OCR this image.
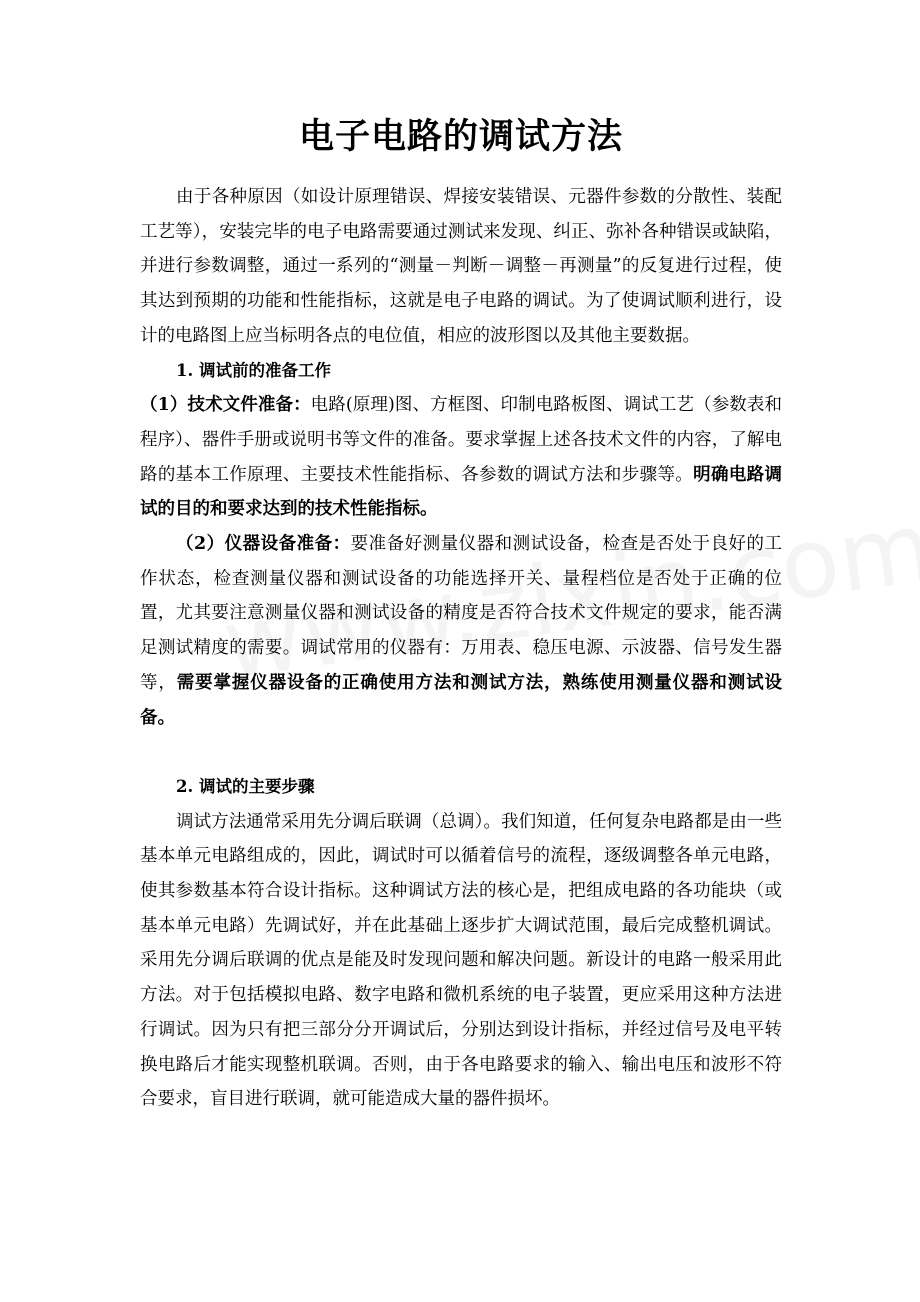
电子电路的调试方法

由于各种原因（如设计原理错误、焊接安装错误、元器件参数的分散性、装配工艺等），安装完毕的电子电路需要通过测试来发现、纠正、弥补各种错误或缺陷，并进行参数调整，通过一系列的“测量－判断－调整－再测量”的反复进行过程，使其达到预期的功能和性能指标，这就是电子电路的调试。为了使调试顺利进行，设计的电路图上应当标明各点的电位值，相应的波形图以及其他主要数据。

1. 调试前的准备工作

（1）技术文件准备：电路(原理)图、方框图、印制电路板图、调试工艺（参数表和程序）、器件手册或说明书等文件的准备。要求掌握上述各技术文件的内容，了解电路的基本工作原理、主要技术性能指标、各参数的调试方法和步骤等。明确电路调试的目的和要求达到的技术性能指标。

（2）仪器设备准备：要准备好测量仪器和测试设备，检查是否处于良好的工作状态，检查测量仪器和测试设备的功能选择开关、量程档位是否处于正确的位置，尤其要注意测量仪器和测试设备的精度是否符合技术文件规定的要求，能否满足测试精度的需要。调试常用的仪器有：万用表、稳压电源、示波器、信号发生器等，需要掌握仪器设备的正确使用方法和测试方法，熟练使用测量仪器和测试设备。

2. 调试的主要步骤

调试方法通常采用先分调后联调（总调）。我们知道，任何复杂电路都是由一些基本单元电路组成的，因此，调试时可以循着信号的流程，逐级调整各单元电路，使其参数基本符合设计指标。这种调试方法的核心是，把组成电路的各功能块（或基本单元电路）先调试好，并在此基础上逐步扩大调试范围，最后完成整机调试。采用先分调后联调的优点是能及时发现问题和解决问题。新设计的电路一般采用此方法。对于包括模拟电路、数字电路和微机系统的电子装置，更应采用这种方法进行调试。因为只有把三部分分开调试后，分别达到设计指标，并经过信号及电平转换电路后才能实现整机联调。否则，由于各电路要求的输入、输出电压和波形不符合要求，盲目进行联调，就可能造成大量的器件损坏。
